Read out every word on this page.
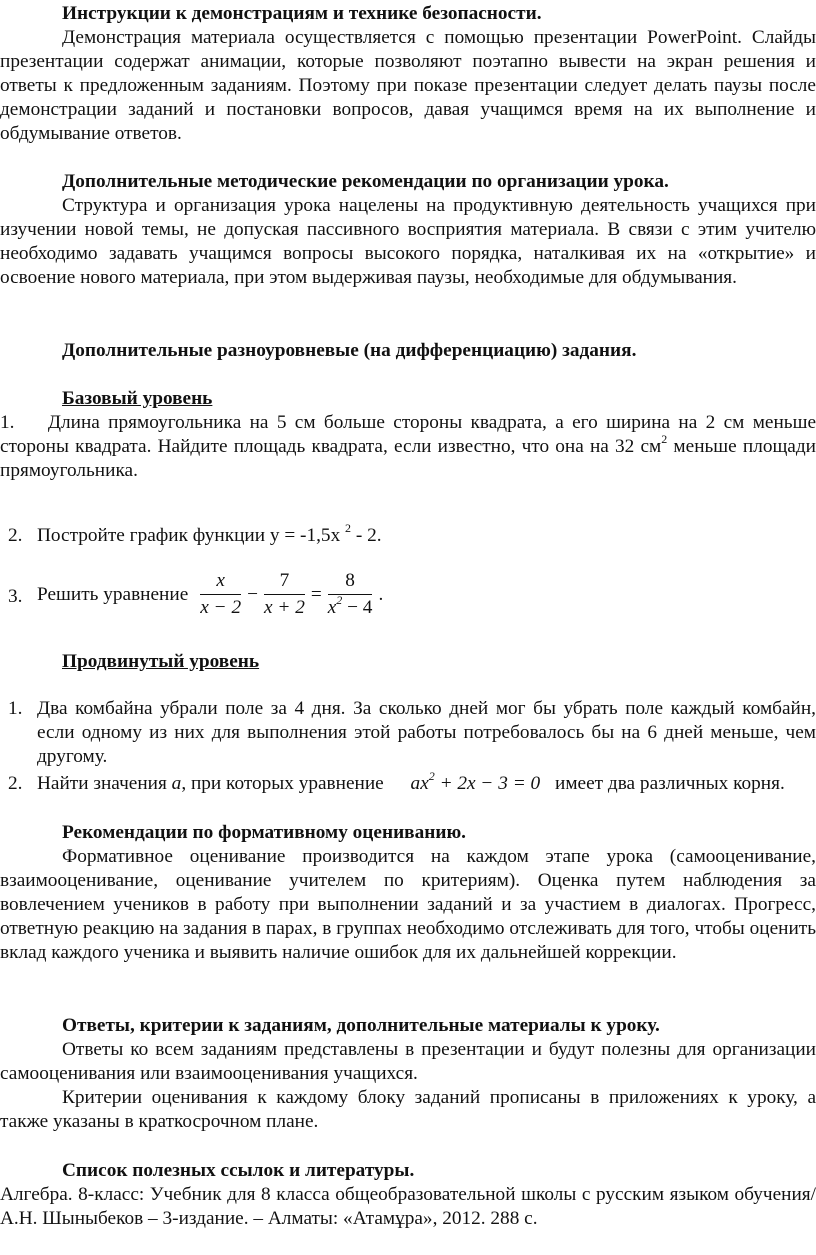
Инструкции к демонстрациям и технике безопасности.

Демонстрация материала осуществляется с помощью презентации PowerPoint. Слайды презентации содержат анимации, которые позволяют поэтапно вывести на экран решения и ответы к предложенным заданиям. Поэтому при показе презентации следует делать паузы после демонстрации заданий и постановки вопросов, давая учащимся время на их выполнение и обдумывание ответов.

Дополнительные методические рекомендации по организации урока.

Структура и организация урока нацелены на продуктивную деятельность учащихся при изучении новой темы, не допуская пассивного восприятия материала. В связи с этим учителю необходимо задавать учащимся вопросы высокого порядка, наталкивая их на «открытие» и освоение нового материала, при этом выдерживая паузы, необходимые для обдумывания.

Дополнительные разноуровневые (на дифференциацию) задания.

Базовый уровень

1. Длина прямоугольника на 5 см больше стороны квадрата, а его ширина на 2 см меньше стороны квадрата. Найдите площадь квадрата, если известно, что она на 32 $см^2$ меньше площади прямоугольника.

2. Постройте график функции у = -1,5х $^2$ - 2.
3. Решить уравнение $\frac{x}{x - 2} - \frac{7}{x + 2} = \frac{8}{x^2 - 4}$ .

Продвинутый уровень

1. Два комбайна убрали поле за 4 дня. За сколько дней мог бы убрать поле каждый комбайн, если одному из них для выполнения этой работы потребовалось бы на 6 дней меньше, чем другому.
2. Найти значения а, при которых уравнение $ax^2 + 2x - 3 = 0$ имеет два различных корня.

Рекомендации по формативному оцениванию.

Формативное оценивание производится на каждом этапе урока (самооценивание, взаимооценивание, оценивание учителем по критериям). Оценка путем наблюдения за вовлечением учеников в работу при выполнении заданий и за участием в диалогах. Прогресс, ответную реакцию на задания в парах, в группах необходимо отслеживать для того, чтобы оценить вклад каждого ученика и выявить наличие ошибок для их дальнейшей коррекции.

Ответы, критерии к заданиям, дополнительные материалы к уроку.

Ответы ко всем заданиям представлены в презентации и будут полезны для организации самооценивания или взаимооценивания учащихся.

Критерии оценивания к каждому блоку заданий прописаны в приложениях к уроку, а также указаны в краткосрочном плане.

Список полезных ссылок и литературы.

Алгебра. 8-класс: Учебник для 8 класса общеобразовательной школы с русским языком обучения/ А.Н. Шыныбеков – 3-издание. – Алматы: «Атамұра», 2012. 288 с.
